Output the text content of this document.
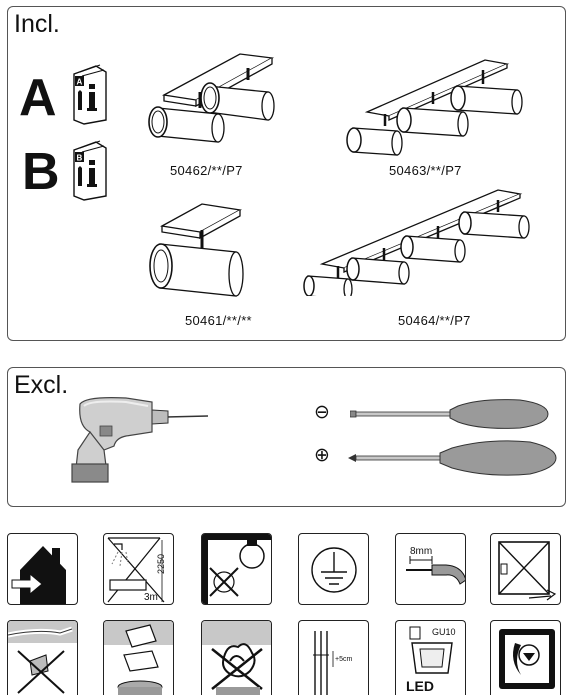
Incl.
A
B
A
B
50462/**/P7	50463/**/P7
50461/**/**	50464/**/P7
Excl.
⊖
⊕
3m
2250
8mm
+5cm
GU10
LED
